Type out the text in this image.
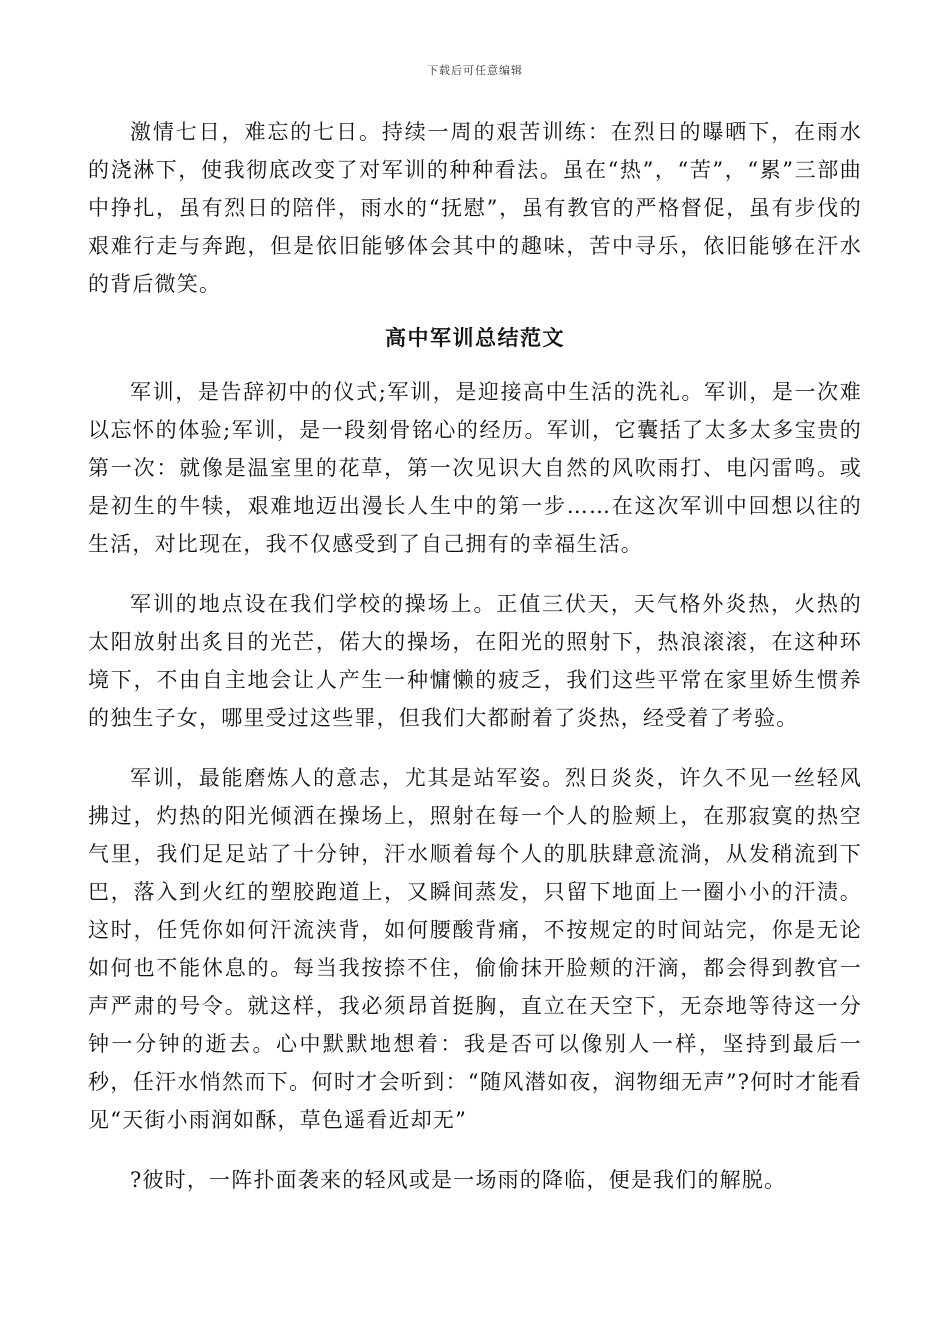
下载后可任意编辑

激情七日，难忘的七日。持续一周的艰苦训练：在烈日的曝晒下，在雨水的浇淋下，使我彻底改变了对军训的种种看法。虽在“热”，“苦”，“累”三部曲中挣扎，虽有烈日的陪伴，雨水的“抚慰”，虽有教官的严格督促，虽有步伐的艰难行走与奔跑，但是依旧能够体会其中的趣味，苦中寻乐，依旧能够在汗水的背后微笑。

高中军训总结范文

军训，是告辞初中的仪式;军训，是迎接高中生活的洗礼。军训，是一次难以忘怀的体验;军训，是一段刻骨铭心的经历。军训，它囊括了太多太多宝贵的第一次：就像是温室里的花草，第一次见识大自然的风吹雨打、电闪雷鸣。或是初生的牛犊，艰难地迈出漫长人生中的第一步……在这次军训中回想以往的生活，对比现在，我不仅感受到了自己拥有的幸福生活。

军训的地点设在我们学校的操场上。正值三伏天，天气格外炎热，火热的太阳放射出炙目的光芒，偌大的操场，在阳光的照射下，热浪滚滚，在这种环境下，不由自主地会让人产生一种慵懒的疲乏，我们这些平常在家里娇生惯养的独生子女，哪里受过这些罪，但我们大都耐着了炎热，经受着了考验。

军训，最能磨炼人的意志，尤其是站军姿。烈日炎炎，许久不见一丝轻风拂过，灼热的阳光倾洒在操场上，照射在每一个人的脸颊上，在那寂寞的热空气里，我们足足站了十分钟，汗水顺着每个人的肌肤肆意流淌，从发稍流到下巴，落入到火红的塑胶跑道上，又瞬间蒸发，只留下地面上一圈小小的汗渍。这时，任凭你如何汗流浃背，如何腰酸背痛，不按规定的时间站完，你是无论如何也不能休息的。每当我按捺不住，偷偷抹开脸颊的汗滴，都会得到教官一声严肃的号令。就这样，我必须昂首挺胸，直立在天空下，无奈地等待这一分钟一分钟的逝去。心中默默地想着：我是否可以像别人一样，坚持到最后一秒，任汗水悄然而下。何时才会听到：“随风潜如夜，润物细无声”?何时才能看见“天街小雨润如酥，草色遥看近却无”

?彼时，一阵扑面袭来的轻风或是一场雨的降临，便是我们的解脱。
